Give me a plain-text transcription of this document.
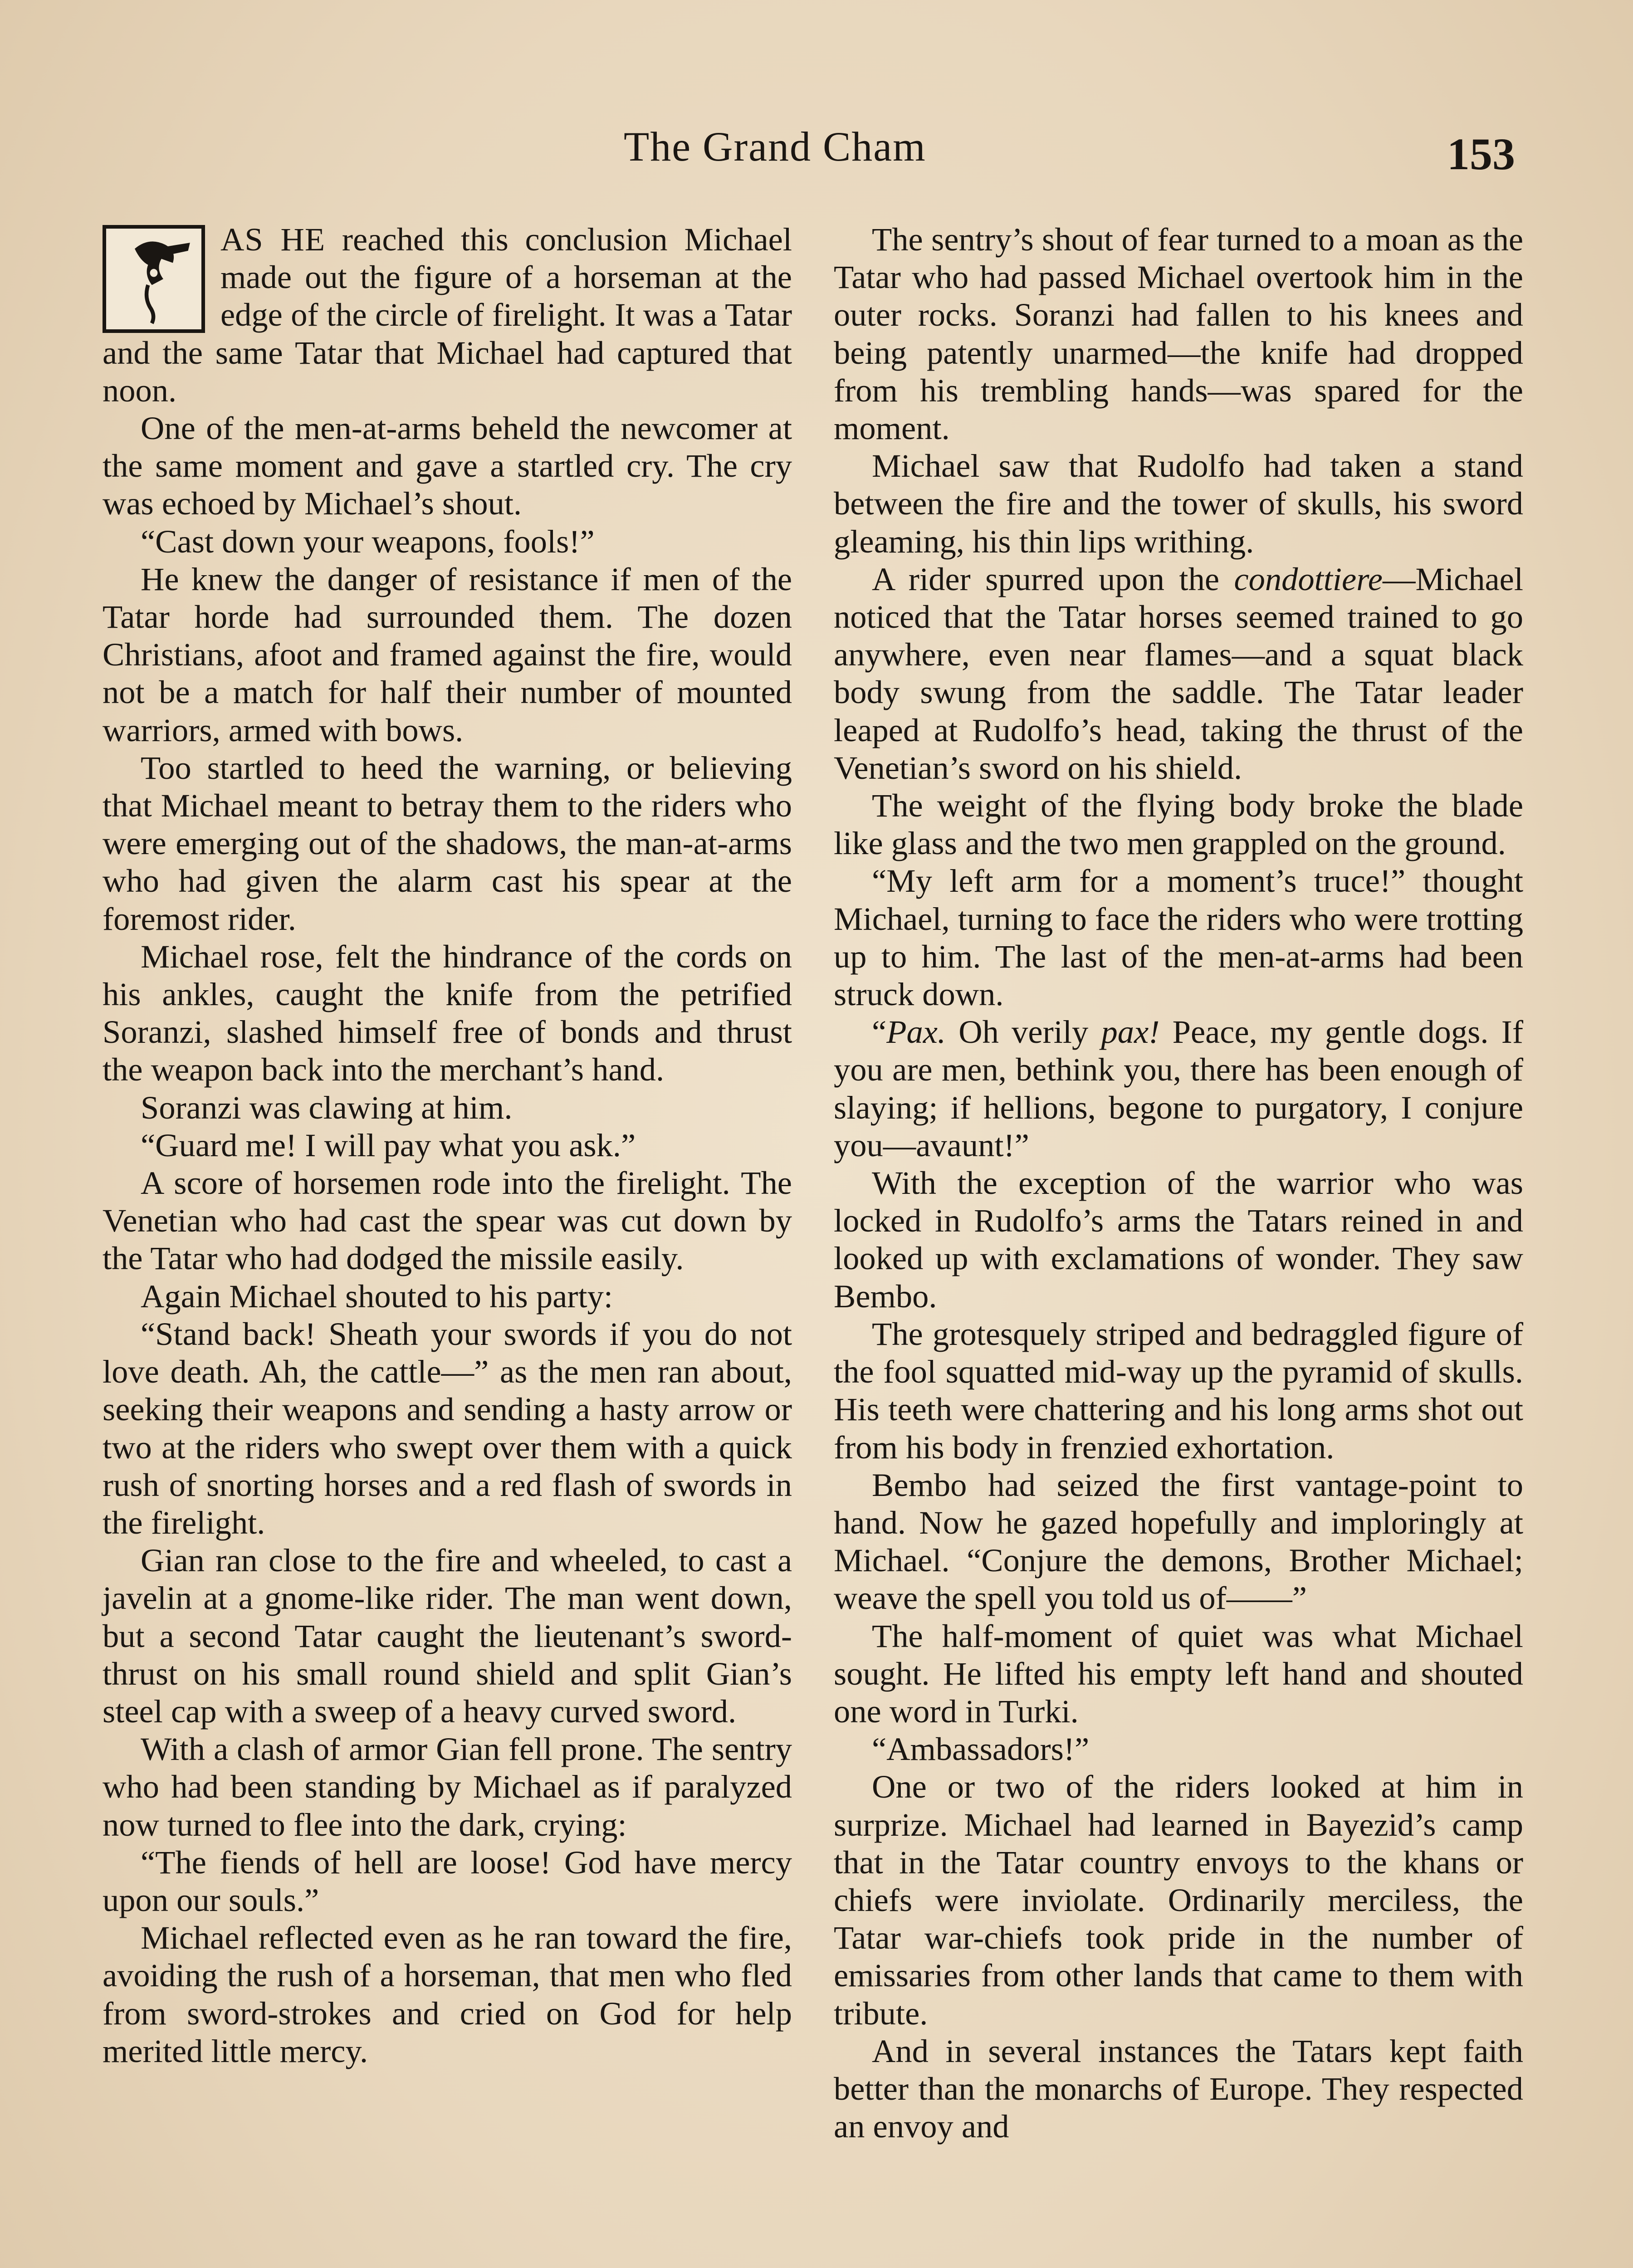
The Grand Cham	153

AS HE reached this conclusion Michael made out the figure of a horseman at the edge of the circle of firelight. It was a Tatar and the same Tatar that Michael had captured that noon.

One of the men-at-arms beheld the newcomer at the same moment and gave a startled cry. The cry was echoed by Michael’s shout.

“Cast down your weapons, fools!”

He knew the danger of resistance if men of the Tatar horde had surrounded them. The dozen Christians, afoot and framed against the fire, would not be a match for half their number of mounted warriors, armed with bows.

Too startled to heed the warning, or believing that Michael meant to betray them to the riders who were emerging out of the shadows, the man-at-arms who had given the alarm cast his spear at the foremost rider.

Michael rose, felt the hindrance of the cords on his ankles, caught the knife from the petrified Soranzi, slashed himself free of bonds and thrust the weapon back into the merchant’s hand.

Soranzi was clawing at him.

“Guard me! I will pay what you ask.”

A score of horsemen rode into the firelight. The Venetian who had cast the spear was cut down by the Tatar who had dodged the missile easily.

Again Michael shouted to his party:

“Stand back! Sheath your swords if you do not love death. Ah, the cattle—” as the men ran about, seeking their weapons and sending a hasty arrow or two at the riders who swept over them with a quick rush of snorting horses and a red flash of swords in the firelight.

Gian ran close to the fire and wheeled, to cast a javelin at a gnome-like rider. The man went down, but a second Tatar caught the lieutenant’s sword-thrust on his small round shield and split Gian’s steel cap with a sweep of a heavy curved sword.

With a clash of armor Gian fell prone. The sentry who had been standing by Michael as if paralyzed now turned to flee into the dark, crying:

“The fiends of hell are loose! God have mercy upon our souls.”

Michael reflected even as he ran toward the fire, avoiding the rush of a horseman, that men who fled from sword-strokes and cried on God for help merited little mercy.

The sentry’s shout of fear turned to a moan as the Tatar who had passed Michael overtook him in the outer rocks. Soranzi had fallen to his knees and being patently unarmed—the knife had dropped from his trembling hands—was spared for the moment.

Michael saw that Rudolfo had taken a stand between the fire and the tower of skulls, his sword gleaming, his thin lips writhing.

A rider spurred upon the condottiere—Michael noticed that the Tatar horses seemed trained to go anywhere, even near flames—and a squat black body swung from the saddle. The Tatar leader leaped at Rudolfo’s head, taking the thrust of the Venetian’s sword on his shield.

The weight of the flying body broke the blade like glass and the two men grappled on the ground.

“My left arm for a moment’s truce!” thought Michael, turning to face the riders who were trotting up to him. The last of the men-at-arms had been struck down.

“Pax. Oh verily pax! Peace, my gentle dogs. If you are men, bethink you, there has been enough of slaying; if hellions, begone to purgatory, I conjure you—avaunt!”

With the exception of the warrior who was locked in Rudolfo’s arms the Tatars reined in and looked up with exclamations of wonder. They saw Bembo.

The grotesquely striped and bedraggled figure of the fool squatted mid-way up the pyramid of skulls. His teeth were chattering and his long arms shot out from his body in frenzied exhortation.

Bembo had seized the first vantage-point to hand. Now he gazed hopefully and imploringly at Michael. “Conjure the demons, Brother Michael; weave the spell you told us of——”

The half-moment of quiet was what Michael sought. He lifted his empty left hand and shouted one word in Turki.

“Ambassadors!”

One or two of the riders looked at him in surprize. Michael had learned in Bayezid’s camp that in the Tatar country envoys to the khans or chiefs were inviolate. Ordinarily merciless, the Tatar war-chiefs took pride in the number of emissaries from other lands that came to them with tribute.

And in several instances the Tatars kept faith better than the monarchs of Europe. They respected an envoy and
